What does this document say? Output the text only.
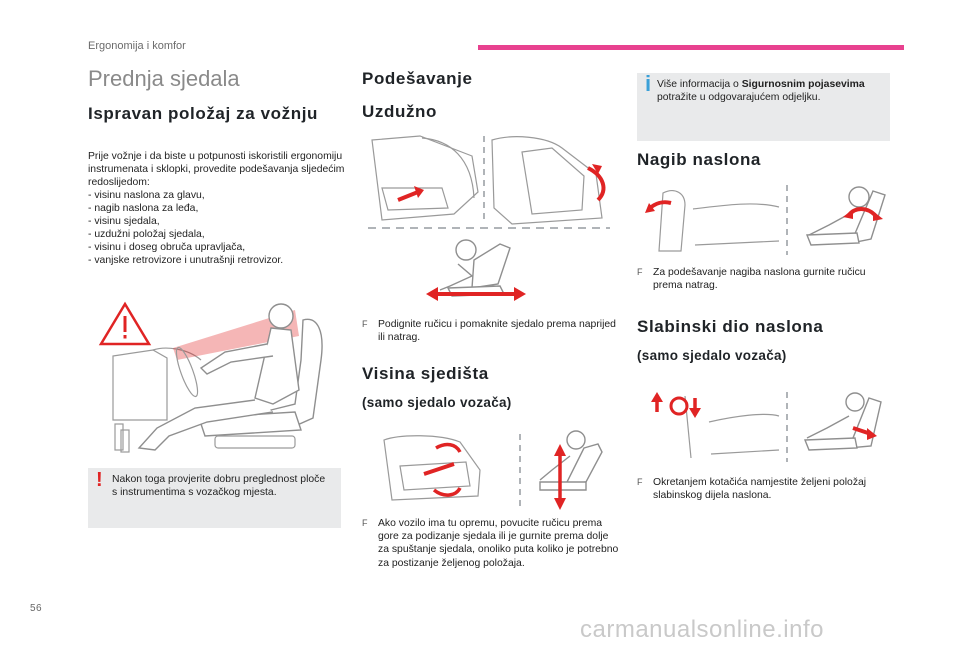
Ergonomija i komfor
Prednja sjedala
Ispravan položaj za vožnju

Prije vožnje i da biste u potpunosti iskoristili ergonomiju instrumenata i sklopki, provedite podešavanja sljedećim redoslijedom:

- visinu naslona za glavu,
- nagib naslona za leđa,
- visinu sjedala,
- uzdužni položaj sjedala,
- visinu i doseg obruča upravljača,
- vanjske retrovizore i unutrašnji retrovizor.
! Nakon toga provjerite dobru preglednost ploče s instrumentima s vozačkog mjesta.
Podešavanje
Uzdužno
F Podignite ručicu i pomaknite sjedalo prema naprijed ili natrag.
Visina sjedišta
(samo sjedalo vozača)
F Ako vozilo ima tu opremu, povucite ručicu prema gore za podizanje sjedala ili je gurnite prema dolje za spuštanje sjedala, onoliko puta koliko je potrebno za postizanje željenog položaja.
i Više informacija o Sigurnosnim pojasevima potražite u odgovarajućem odjeljku.
Nagib naslona
F Za podešavanje nagiba naslona gurnite ručicu prema natrag.
Slabinski dio naslona
(samo sjedalo vozača)
F Okretanjem kotačića namjestite željeni položaj slabinskog dijela naslona.
56
carmanualsonline.info
